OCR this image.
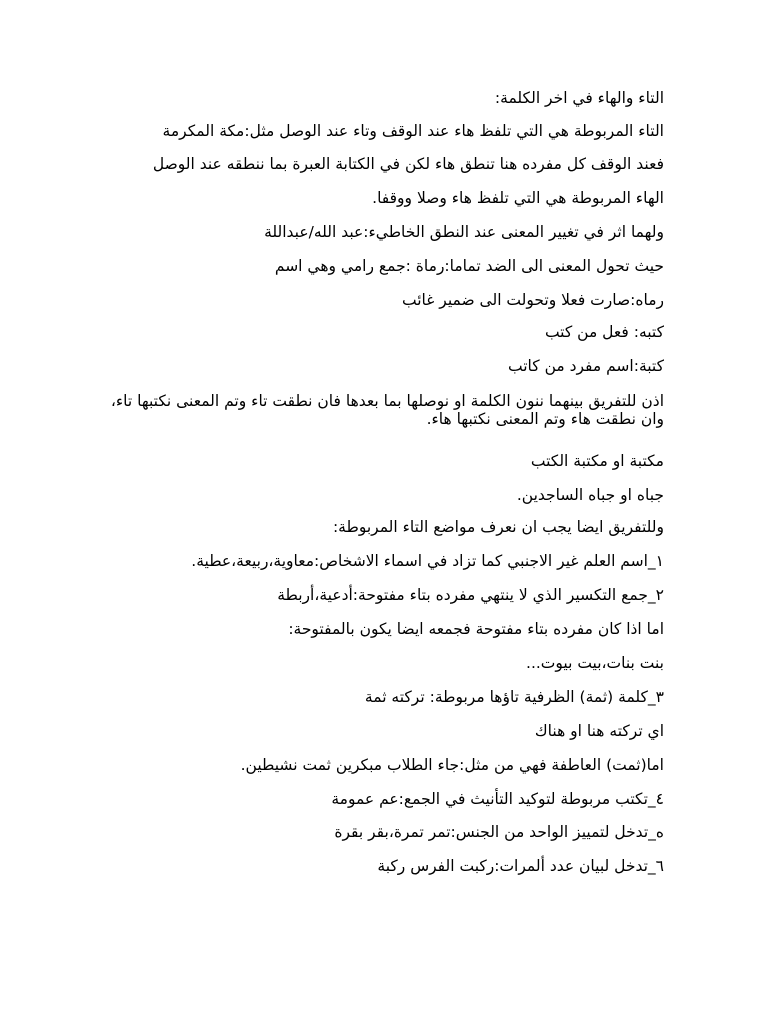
التاء والهاء في اخر الكلمة:
التاء المربوطة هي التي تلفظ هاء عند الوقف وتاء عند الوصل مثل:مكة المكرمة
فعند الوقف كل مفرده هنا تنطق هاء لكن في الكتابة العبرة بما ننطقه عند الوصل
الهاء المربوطة هي التي تلفظ هاء وصلا ووقفا.
ولهما اثر في تغيير المعنى عند النطق الخاطيء:عبد الله/عبداللة
حيث تحول المعنى الى الضد تماما:رماة :جمع رامي وهي اسم
رماه:صارت فعلا وتحولت الى ضمير غائب
كتبه: فعل من كتب
كتبة:اسم مفرد من كاتب
اذن للتفريق بينهما ننون الكلمة او نوصلها بما بعدها فان نطقت تاء وتم المعنى نكتبها تاء، وان نطقت هاء وتم المعنى نكتبها هاء.
مكتبة او مكتبة الكتب
جباه او جباه الساجدين.
وللتفريق ايضا يجب ان نعرف مواضع التاء المربوطة:
١_اسم العلم غير الاجنبي كما تزاد في اسماء الاشخاص:معاوية،ربيعة،عطية.
٢_جمع التكسير الذي لا ينتهي مفرده بتاء مفتوحة:أدعية،أربطة
اما اذا كان مفرده بتاء مفتوحة فجمعه ايضا يكون بالمفتوحة:
بنت بنات،بيت بيوت...
٣_كلمة (ثمة) الظرفية تاؤها مربوطة: تركته ثمة
اي تركته هنا او هناك
اما(ثمت) العاطفة فهي من مثل:جاء الطلاب مبكرين ثمت نشيطين.
٤_تكتب مربوطة لتوكيد التأنيث في الجمع:عم عمومة
ه_تدخل لتمييز الواحد من الجنس:تمر تمرة،بقر بقرة
٦_تدخل لبيان عدد ألمرات:ركبت الفرس ركبة
